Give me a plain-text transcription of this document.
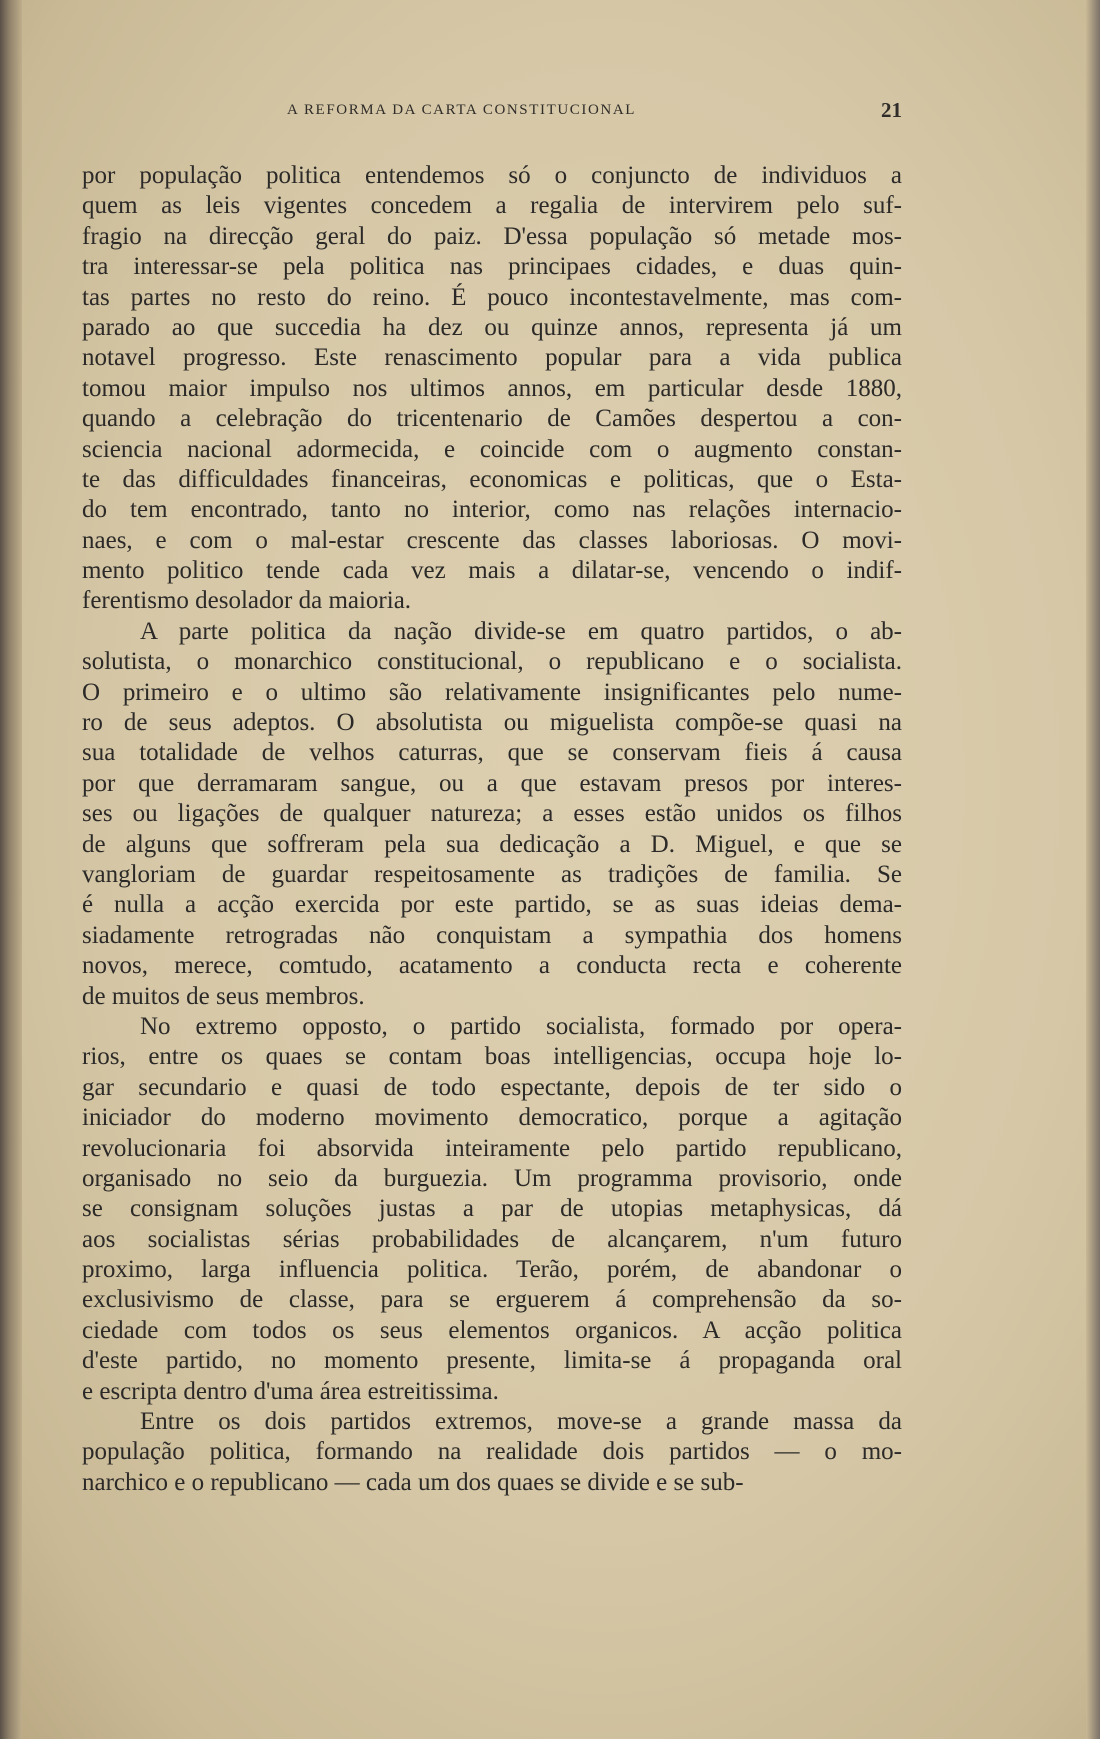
A REFORMA DA CARTA CONSTITUCIONAL	21
por população politica entendemos só o conjuncto de individuos a
quem as leis vigentes concedem a regalia de intervirem pelo suf-
fragio na direcção geral do paiz. D'essa população só metade mos-
tra interessar-se pela politica nas principaes cidades, e duas quin-
tas partes no resto do reino. É pouco incontestavelmente, mas com-
parado ao que succedia ha dez ou quinze annos, representa já um
notavel progresso. Este renascimento popular para a vida publica
tomou maior impulso nos ultimos annos, em particular desde 1880,
quando a celebração do tricentenario de Camões despertou a con-
sciencia nacional adormecida, e coincide com o augmento constan-
te das difficuldades financeiras, economicas e politicas, que o Esta-
do tem encontrado, tanto no interior, como nas relações internacio-
naes, e com o mal-estar crescente das classes laboriosas. O movi-
mento politico tende cada vez mais a dilatar-se, vencendo o indif-
ferentismo desolador da maioria.
A parte politica da nação divide-se em quatro partidos, o ab-
solutista, o monarchico constitucional, o republicano e o socialista.
O primeiro e o ultimo são relativamente insignificantes pelo nume-
ro de seus adeptos. O absolutista ou miguelista compõe-se quasi na
sua totalidade de velhos caturras, que se conservam fieis á causa
por que derramaram sangue, ou a que estavam presos por interes-
ses ou ligações de qualquer natureza; a esses estão unidos os filhos
de alguns que soffreram pela sua dedicação a D. Miguel, e que se
vangloriam de guardar respeitosamente as tradições de familia. Se
é nulla a acção exercida por este partido, se as suas ideias dema-
siadamente retrogradas não conquistam a sympathia dos homens
novos, merece, comtudo, acatamento a conducta recta e coherente
de muitos de seus membros.
No extremo opposto, o partido socialista, formado por opera-
rios, entre os quaes se contam boas intelligencias, occupa hoje lo-
gar secundario e quasi de todo espectante, depois de ter sido o
iniciador do moderno movimento democratico, porque a agitação
revolucionaria foi absorvida inteiramente pelo partido republicano,
organisado no seio da burguezia. Um programma provisorio, onde
se consignam soluções justas a par de utopias metaphysicas, dá
aos socialistas sérias probabilidades de alcançarem, n'um futuro
proximo, larga influencia politica. Terão, porém, de abandonar o
exclusivismo de classe, para se erguerem á comprehensão da so-
ciedade com todos os seus elementos organicos. A acção politica
d'este partido, no momento presente, limita-se á propaganda oral
e escripta dentro d'uma área estreitissima.
Entre os dois partidos extremos, move-se a grande massa da
população politica, formando na realidade dois partidos — o mo-
narchico e o republicano — cada um dos quaes se divide e se sub-
